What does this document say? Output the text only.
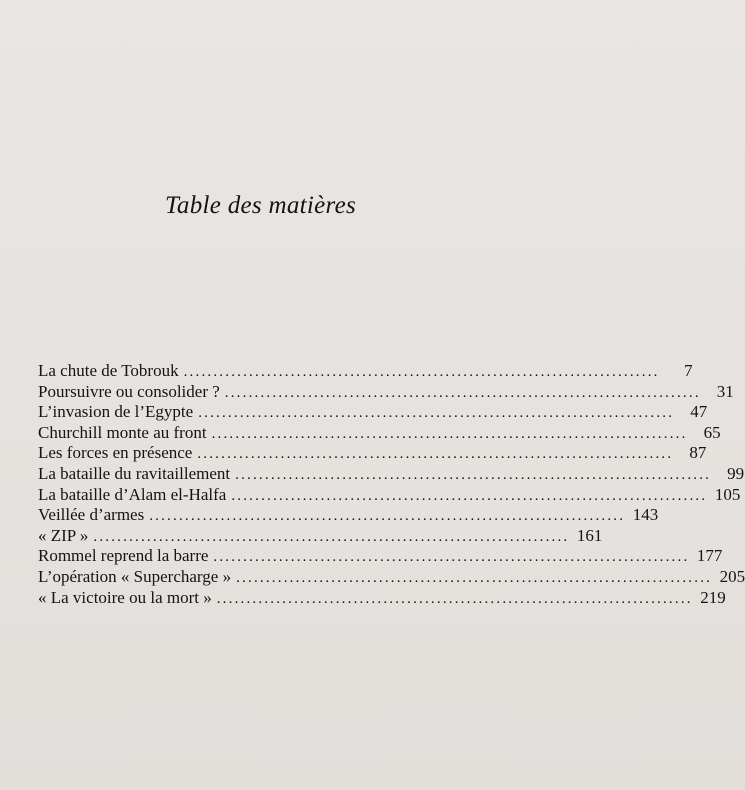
Table des matières
La chute de Tobrouk ................................................................................	7
Poursuivre ou consolider ? ................................................................................ 31
L’invasion de l’Egypte ................................................................................ 47
Churchill monte au front ................................................................................ 65
Les forces en présence ................................................................................ 87
La bataille du ravitaillement ................................................................................ 99
La bataille d’Alam el-Halfa ................................................................................ 105
Veillée d’armes ................................................................................ 143
« ZIP » ................................................................................ 161
Rommel reprend la barre ................................................................................ 177
L’opération « Supercharge » ................................................................................ 205
« La victoire ou la mort » ................................................................................ 219
